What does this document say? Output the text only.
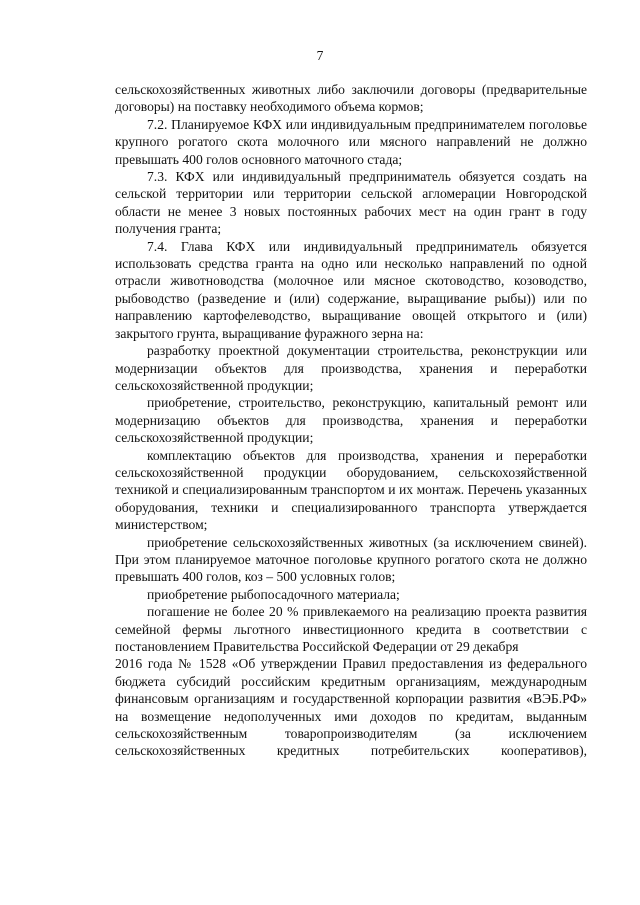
7

сельскохозяйственных животных либо заключили договоры (предварительные договоры) на поставку необходимого объема кормов;

7.2. Планируемое КФХ или индивидуальным предпринимателем поголовье крупного рогатого скота молочного или мясного направлений не должно превышать 400 голов основного маточного стада;

7.3. КФХ или индивидуальный предприниматель обязуется создать на сельской территории или территории сельской агломерации Новгородской области не менее 3 новых постоянных рабочих мест на один грант в году получения гранта;

7.4. Глава КФХ или индивидуальный предприниматель обязуется использовать средства гранта на одно или несколько направлений по одной отрасли животноводства (молочное или мясное скотоводство, козоводство, рыбоводство (разведение и (или) содержание, выращивание рыбы)) или по направлению картофелеводство, выращивание овощей открытого и (или) закрытого грунта, выращивание фуражного зерна на:

разработку проектной документации строительства, реконструкции или модернизации объектов для производства, хранения и переработки сельскохозяйственной продукции;

приобретение, строительство, реконструкцию, капитальный ремонт или модернизацию объектов для производства, хранения и переработки сельскохозяйственной продукции;

комплектацию объектов для производства, хранения и переработки сельскохозяйственной продукции оборудованием, сельскохозяйственной техникой и специализированным транспортом и их монтаж. Перечень указанных оборудования, техники и специализированного транспорта утверждается министерством;

приобретение сельскохозяйственных животных (за исключением свиней). При этом планируемое маточное поголовье крупного рогатого скота не должно превышать 400 голов, коз – 500 условных голов;

приобретение рыбопосадочного материала;

погашение не более 20 % привлекаемого на реализацию проекта развития семейной фермы льготного инвестиционного кредита в соответствии с постановлением Правительства Российской Федерации от 29 декабря

2016 года № 1528 «Об утверждении Правил предоставления из федерального бюджета субсидий российским кредитным организациям, международным финансовым организациям и государственной корпорации развития «ВЭБ.РФ» на возмещение недополученных ими доходов по кредитам, выданным сельскохозяйственным товаропроизводителям (за исключением сельскохозяйственных кредитных потребительских кооперативов),
